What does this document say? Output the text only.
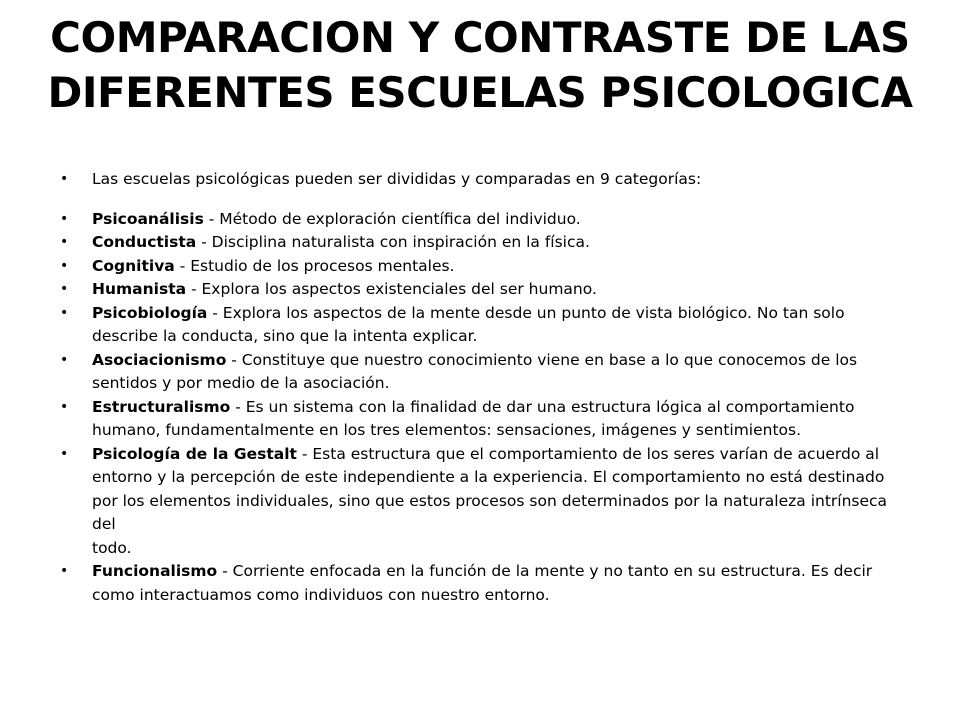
COMPARACION Y CONTRASTE DE LAS
DIFERENTES ESCUELAS PSICOLOGICA
• Las escuelas psicológicas pueden ser divididas y comparadas en 9 categorías:
• Psicoanálisis - Método de exploración científica del individuo.
• Conductista - Disciplina naturalista con inspiración en la física.
• Cognitiva - Estudio de los procesos mentales.
• Humanista - Explora los aspectos existenciales del ser humano.
• Psicobiología - Explora los aspectos de la mente desde un punto de vista biológico. No tan solo describe la conducta, sino que la intenta explicar.
• Asociacionismo - Constituye que nuestro conocimiento viene en base a lo que conocemos de los sentidos y por medio de la asociación.
• Estructuralismo - Es un sistema con la finalidad de dar una estructura lógica al comportamiento humano, fundamentalmente en los tres elementos: sensaciones, imágenes y sentimientos.
• Psicología de la Gestalt - Esta estructura que el comportamiento de los seres varían de acuerdo al entorno y la percepción de este independiente a la experiencia. El comportamiento no está destinado por los elementos individuales, sino que estos procesos son determinados por la naturaleza intrínseca del
todo.
• Funcionalismo - Corriente enfocada en la función de la mente y no tanto en su estructura. Es decir como interactuamos como individuos con nuestro entorno.
